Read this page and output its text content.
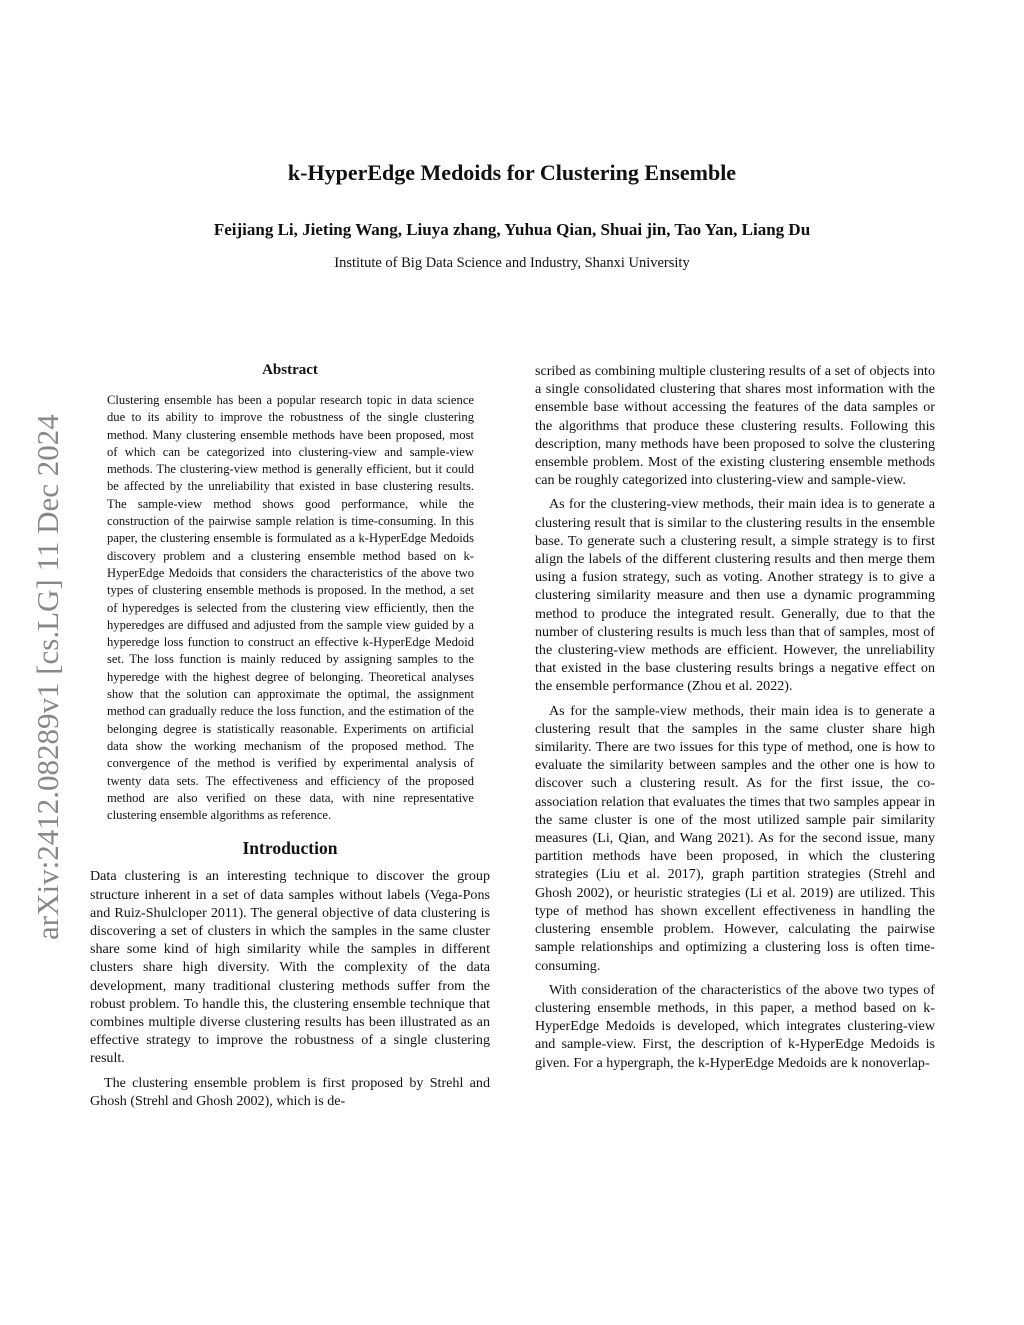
arXiv:2412.08289v1 [cs.LG] 11 Dec 2024
k-HyperEdge Medoids for Clustering Ensemble

Feijiang Li, Jieting Wang, Liuya zhang, Yuhua Qian, Shuai jin, Tao Yan, Liang Du

Institute of Big Data Science and Industry, Shanxi University

Abstract

Clustering ensemble has been a popular research topic in data science due to its ability to improve the robustness of the single clustering method. Many clustering ensemble methods have been proposed, most of which can be categorized into clustering-view and sample-view methods. The clustering-view method is generally efficient, but it could be affected by the unreliability that existed in base clustering results. The sample-view method shows good performance, while the construction of the pairwise sample relation is time-consuming. In this paper, the clustering ensemble is formulated as a k-HyperEdge Medoids discovery problem and a clustering ensemble method based on k-HyperEdge Medoids that considers the characteristics of the above two types of clustering ensemble methods is proposed. In the method, a set of hyperedges is selected from the clustering view efficiently, then the hyperedges are diffused and adjusted from the sample view guided by a hyperedge loss function to construct an effective k-HyperEdge Medoid set. The loss function is mainly reduced by assigning samples to the hyperedge with the highest degree of belonging. Theoretical analyses show that the solution can approximate the optimal, the assignment method can gradually reduce the loss function, and the estimation of the belonging degree is statistically reasonable. Experiments on artificial data show the working mechanism of the proposed method. The convergence of the method is verified by experimental analysis of twenty data sets. The effectiveness and efficiency of the proposed method are also verified on these data, with nine representative clustering ensemble algorithms as reference.

Introduction

Data clustering is an interesting technique to discover the group structure inherent in a set of data samples without labels (Vega-Pons and Ruiz-Shulcloper 2011). The general objective of data clustering is discovering a set of clusters in which the samples in the same cluster share some kind of high similarity while the samples in different clusters share high diversity. With the complexity of the data development, many traditional clustering methods suffer from the robust problem. To handle this, the clustering ensemble technique that combines multiple diverse clustering results has been illustrated as an effective strategy to improve the robustness of a single clustering result.

The clustering ensemble problem is first proposed by Strehl and Ghosh (Strehl and Ghosh 2002), which is de-

scribed as combining multiple clustering results of a set of objects into a single consolidated clustering that shares most information with the ensemble base without accessing the features of the data samples or the algorithms that produce these clustering results. Following this description, many methods have been proposed to solve the clustering ensemble problem. Most of the existing clustering ensemble methods can be roughly categorized into clustering-view and sample-view.

As for the clustering-view methods, their main idea is to generate a clustering result that is similar to the clustering results in the ensemble base. To generate such a clustering result, a simple strategy is to first align the labels of the different clustering results and then merge them using a fusion strategy, such as voting. Another strategy is to give a clustering similarity measure and then use a dynamic programming method to produce the integrated result. Generally, due to that the number of clustering results is much less than that of samples, most of the clustering-view methods are efficient. However, the unreliability that existed in the base clustering results brings a negative effect on the ensemble performance (Zhou et al. 2022).

As for the sample-view methods, their main idea is to generate a clustering result that the samples in the same cluster share high similarity. There are two issues for this type of method, one is how to evaluate the similarity between samples and the other one is how to discover such a clustering result. As for the first issue, the co-association relation that evaluates the times that two samples appear in the same cluster is one of the most utilized sample pair similarity measures (Li, Qian, and Wang 2021). As for the second issue, many partition methods have been proposed, in which the clustering strategies (Liu et al. 2017), graph partition strategies (Strehl and Ghosh 2002), or heuristic strategies (Li et al. 2019) are utilized. This type of method has shown excellent effectiveness in handling the clustering ensemble problem. However, calculating the pairwise sample relationships and optimizing a clustering loss is often time-consuming.

With consideration of the characteristics of the above two types of clustering ensemble methods, in this paper, a method based on k-HyperEdge Medoids is developed, which integrates clustering-view and sample-view. First, the description of k-HyperEdge Medoids is given. For a hypergraph, the k-HyperEdge Medoids are k nonoverlap-
